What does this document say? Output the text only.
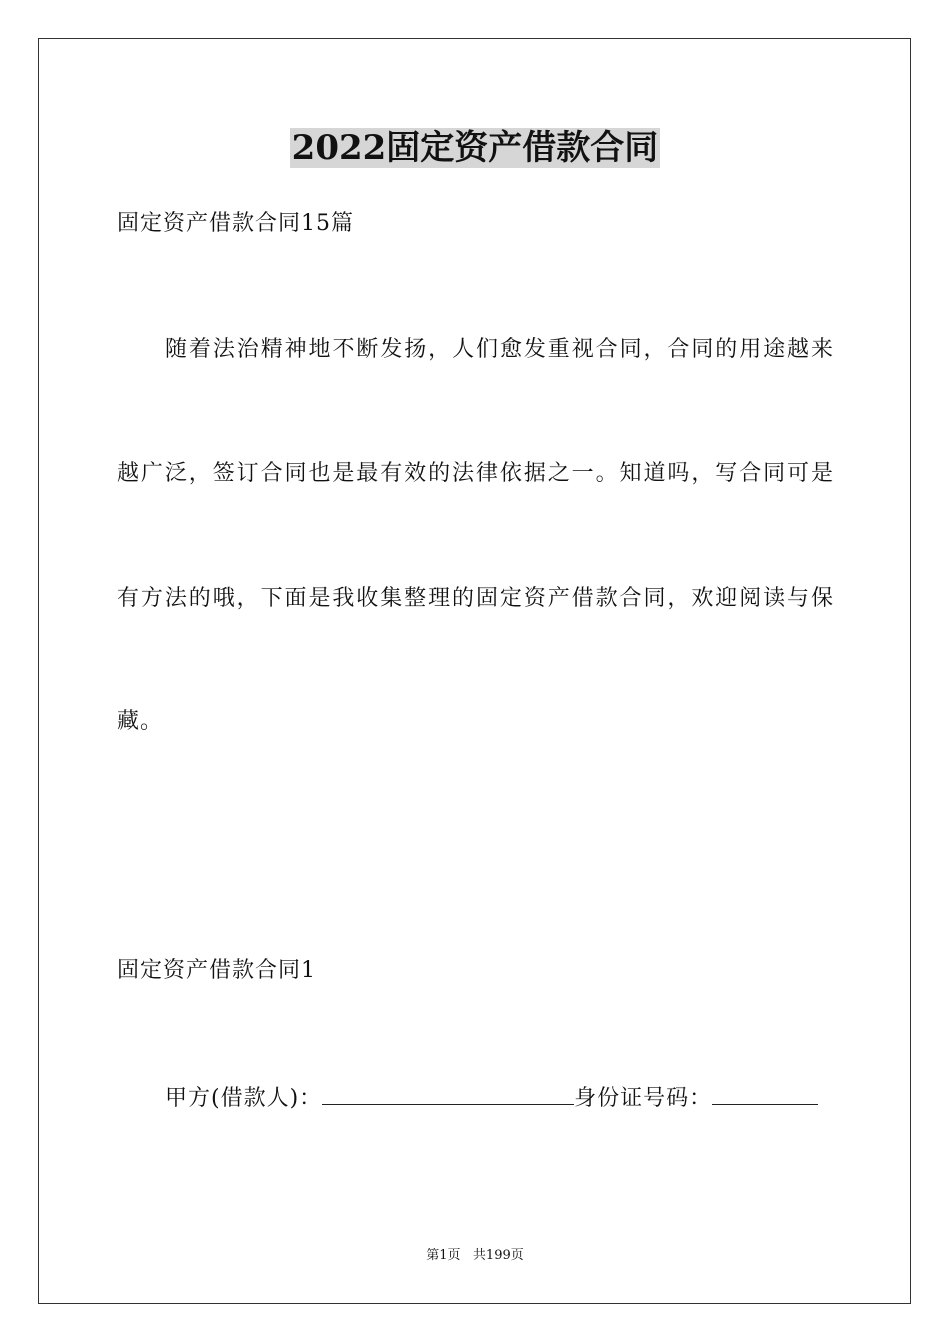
2022固定资产借款合同
固定资产借款合同15篇
随着法治精神地不断发扬，人们愈发重视合同，合同的用途越来
越广泛，签订合同也是最有效的法律依据之一。知道吗，写合同可是
有方法的哦，下面是我收集整理的固定资产借款合同，欢迎阅读与保
藏。
固定资产借款合同1
甲方(借款人)：	身份证号码：
第1页   共199页
